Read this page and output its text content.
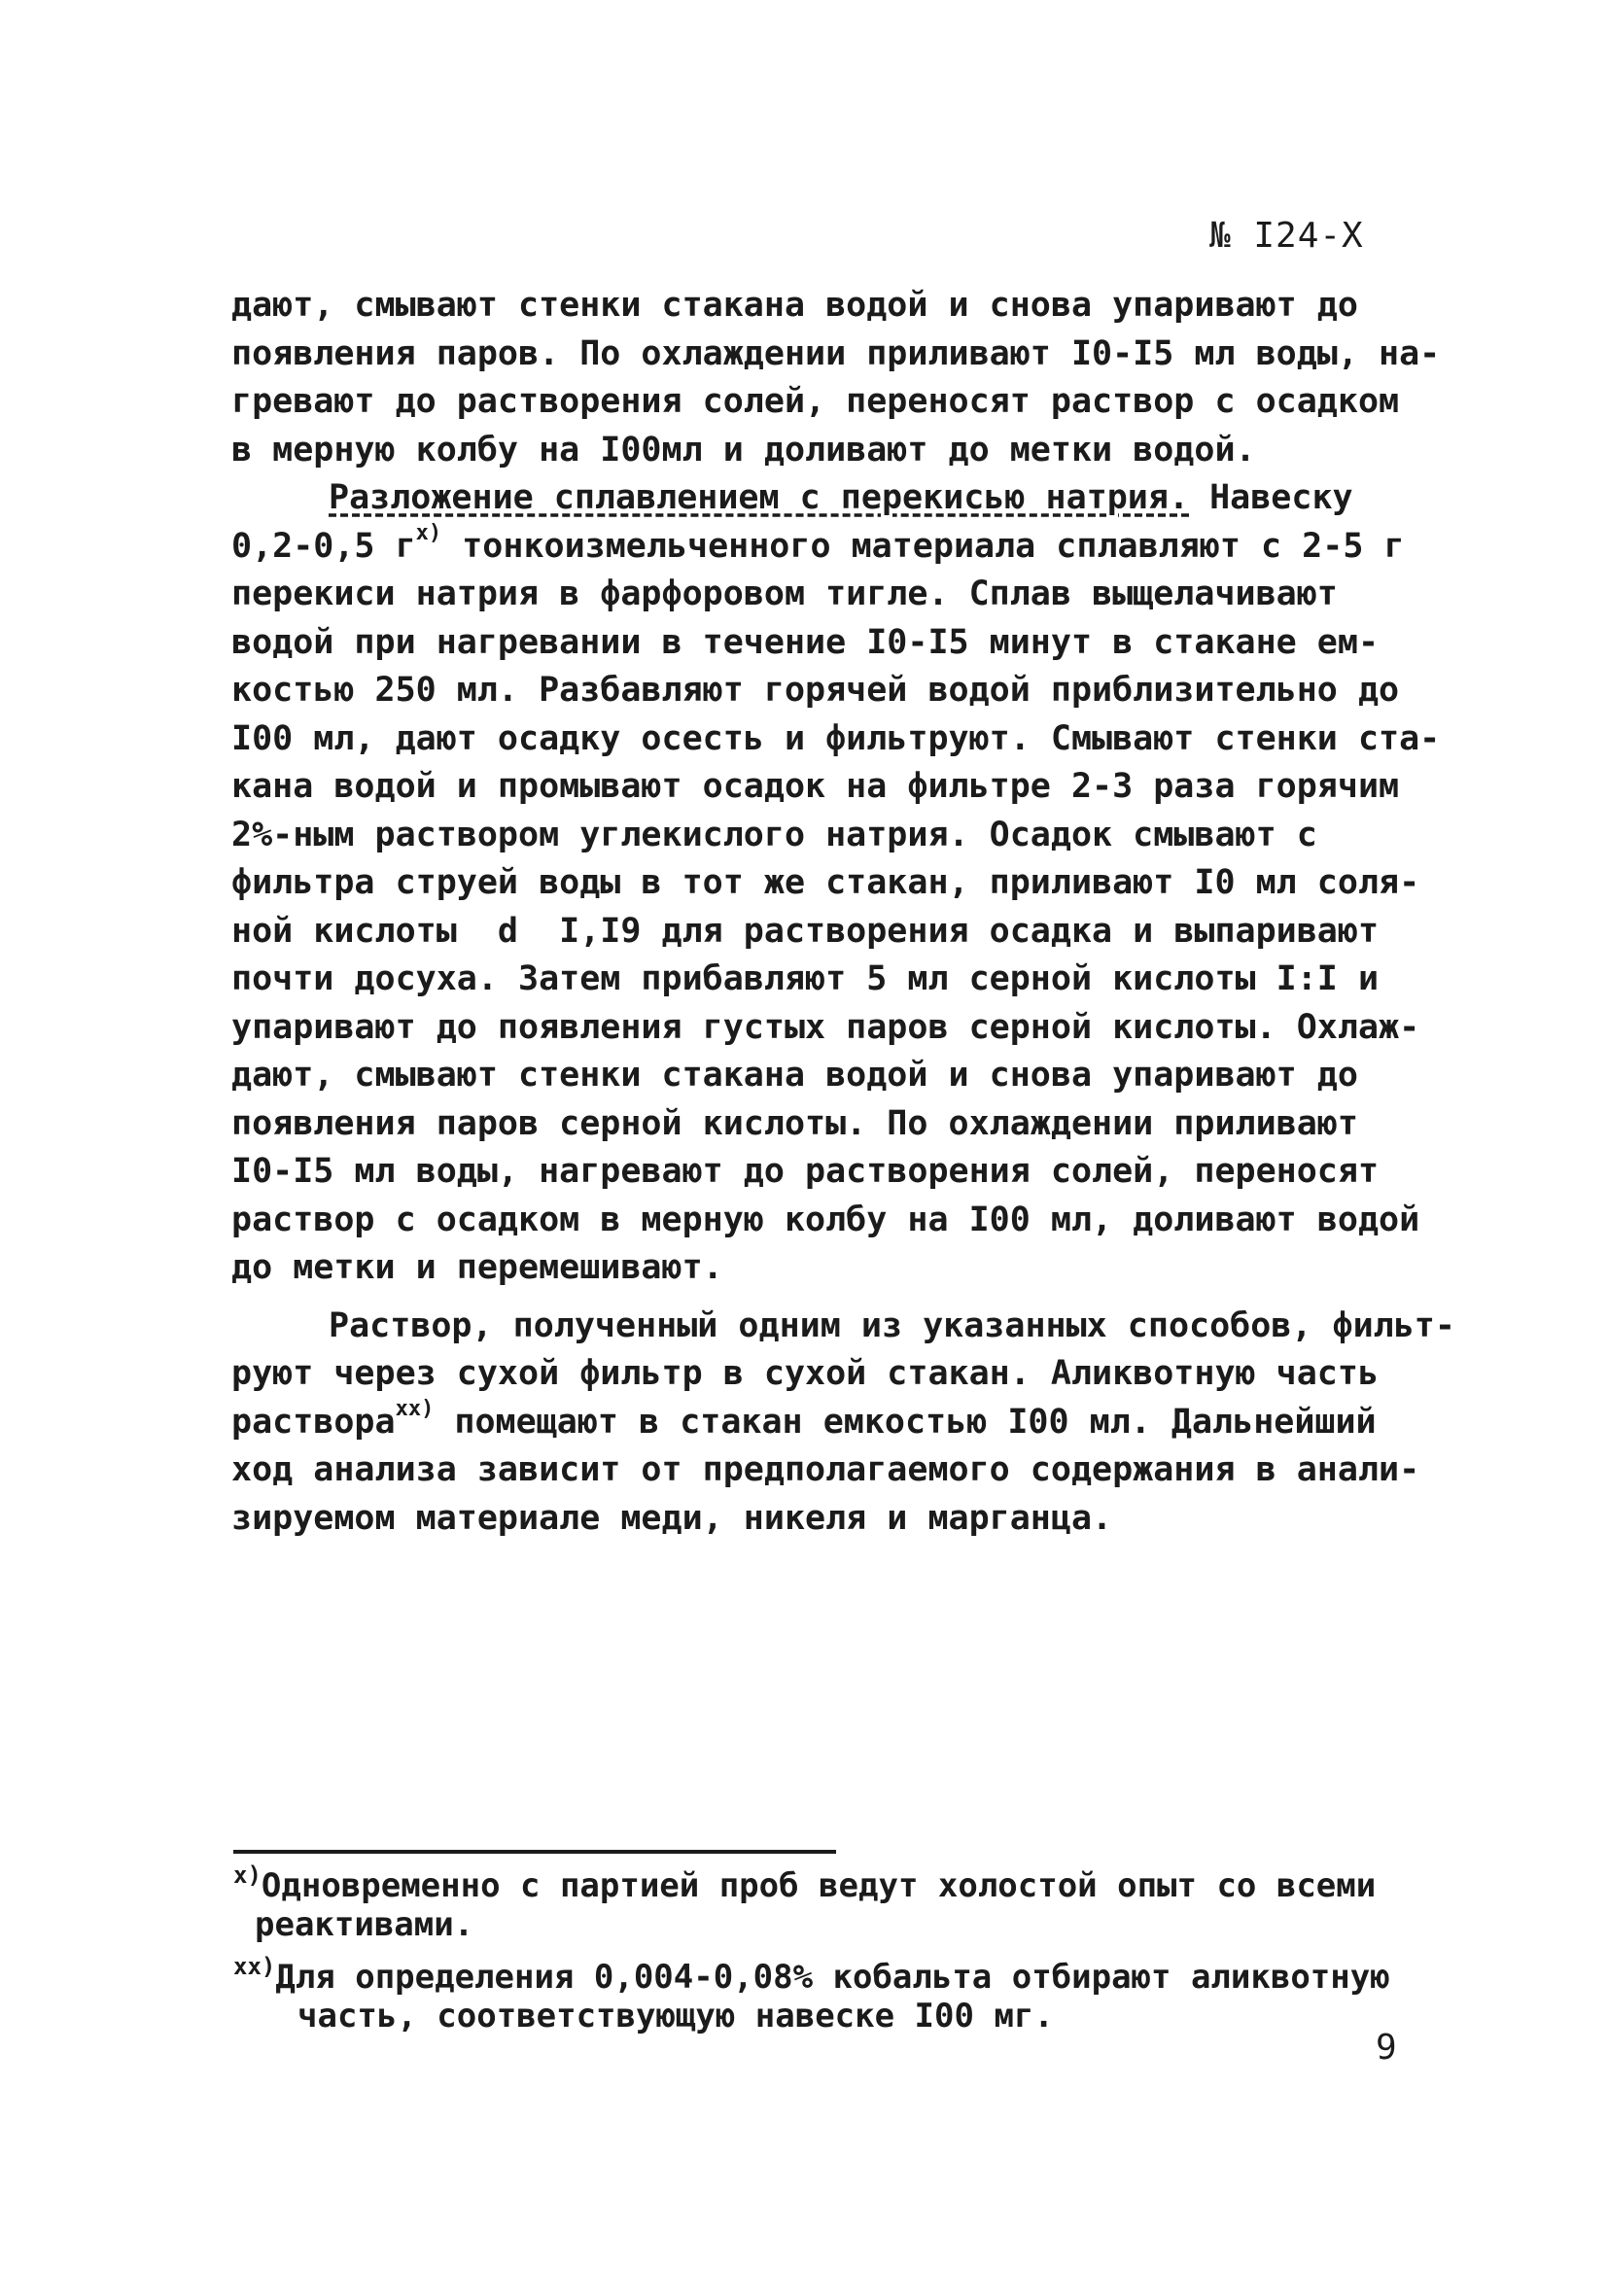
№ I24-X
дают, смывают стенки стакана водой и снова упаривают до
появления паров. По охлаждении приливают I0-I5 мл воды, на-
гревают до растворения солей, переносят раствор с осадком
в мерную колбу на I00мл и доливают до метки водой.
Разложение сплавлением с перекисью натрия. Навеску
0,2-0,5 $г^{x)}$ тонкоизмельченного материала сплавляют с 2-5 г
перекиси натрия в фарфоровом тигле. Сплав выщелачивают
водой при нагревании в течение I0-I5 минут в стакане ем-
костью 250 мл. Разбавляют горячей водой приблизительно до
I00 мл, дают осадку осесть и фильтруют. Смывают стенки ста-
кана водой и промывают осадок на фильтре 2-3 раза горячим
2%-ным раствором углекислого натрия. Осадок смывают с
фильтра струей воды в тот же стакан, приливают I0 мл соля-
ной кислоты  d  I,I9 для растворения осадка и выпаривают
почти досуха. Затем прибавляют 5 мл серной кислоты I:I и
упаривают до появления густых паров серной кислоты. Охлаж-
дают, смывают стенки стакана водой и снова упаривают до
появления паров серной кислоты. По охлаждении приливают
I0-I5 мл воды, нагревают до растворения солей, переносят
раствор с осадком в мерную колбу на I00 мл, доливают водой
до метки и перемешивают.
Раствор, полученный одним из указанных способов, фильт-
руют через сухой фильтр в сухой стакан. Аликвотную часть
раствора$^{xx)}$ помещают в стакан емкостью I00 мл. Дальнейший
ход анализа зависит от предполагаемого содержания в анали-
зируемом материале меди, никеля и марганца.
$^{x)}$Одновременно с партией проб ведут холостой опыт со всеми
реактивами.
$^{xx)}$Для определения 0,004-0,08% кобальта отбирают аликвотную
часть, соответствующую навеске I00 мг.
9
